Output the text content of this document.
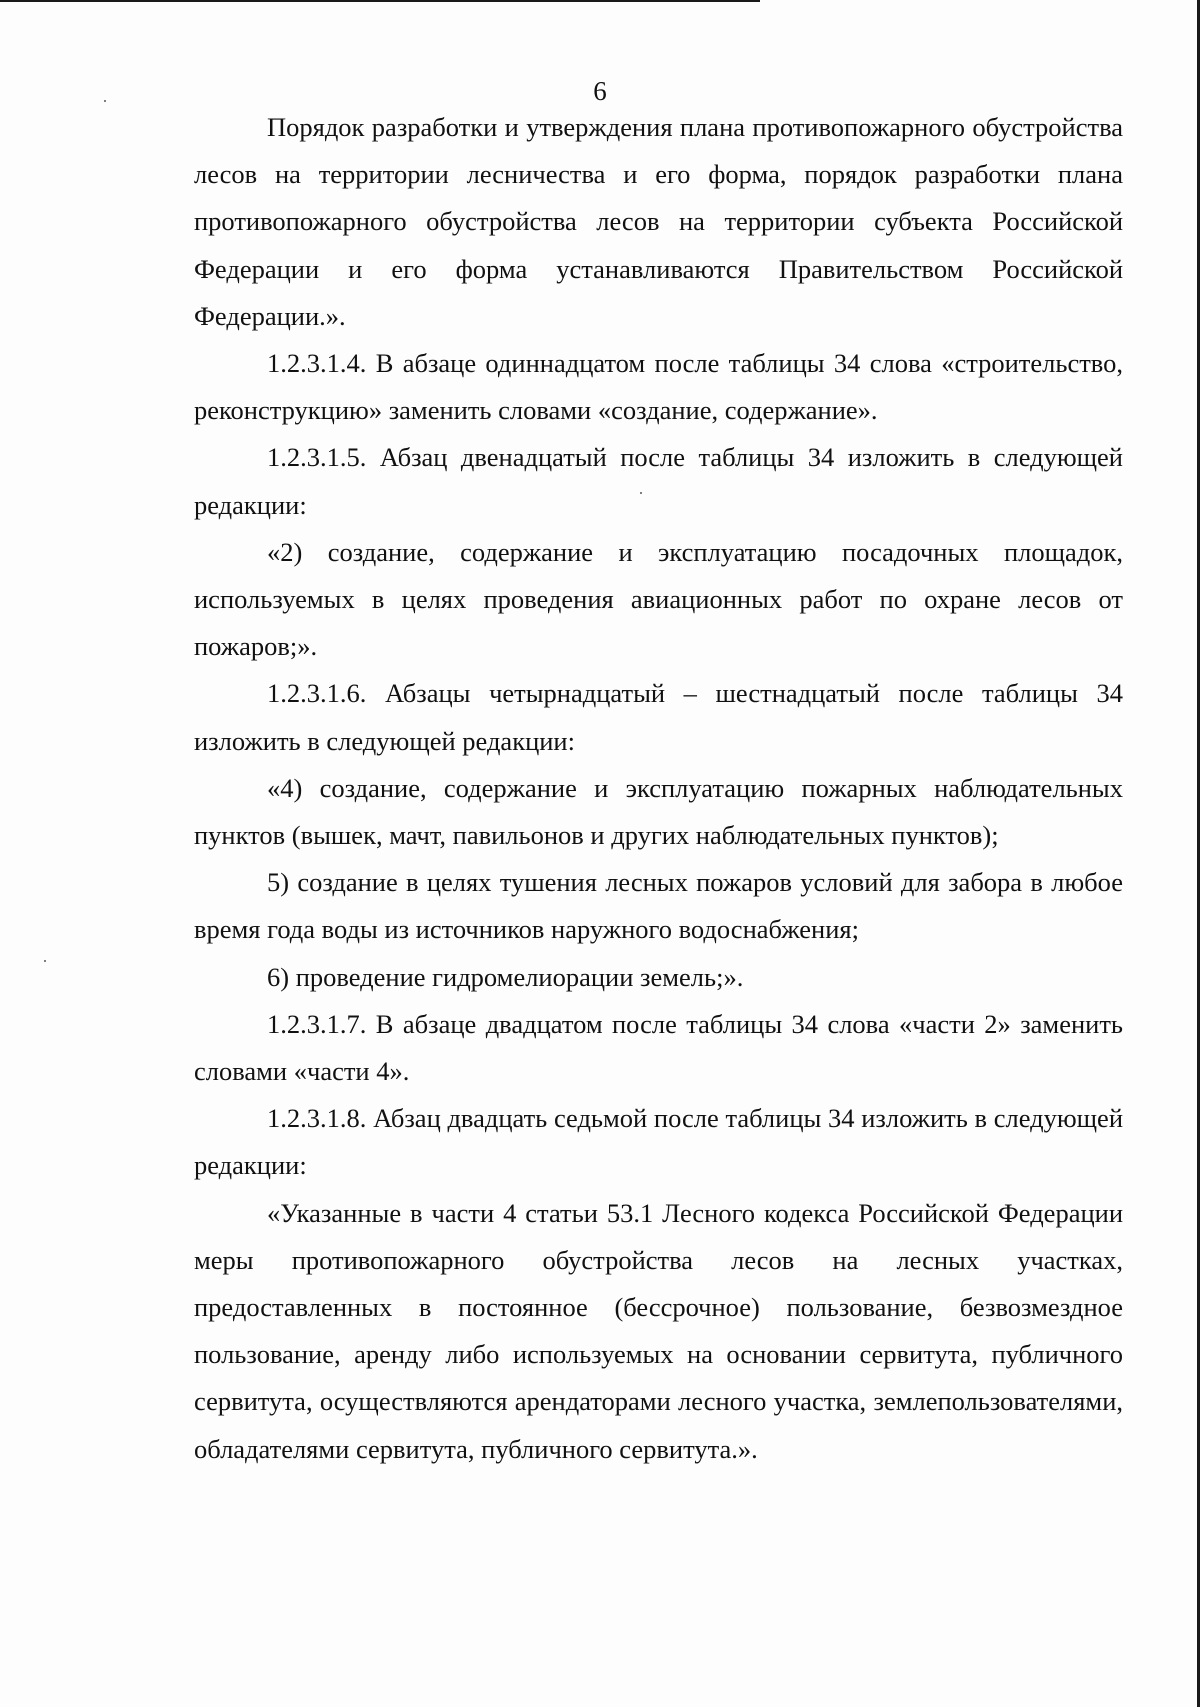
6

Порядок разработки и утверждения плана противопожарного обустройства лесов на территории лесничества и его форма, порядок разработки плана противопожарного обустройства лесов на территории субъекта Российской Федерации и его форма устанавливаются Правительством Российской Федерации.».

1.2.3.1.4. В абзаце одиннадцатом после таблицы 34 слова «строительство, реконструкцию» заменить словами «создание, содержание».

1.2.3.1.5. Абзац двенадцатый после таблицы 34 изложить в следующей редакции:

«2) создание, содержание и эксплуатацию посадочных площадок, используемых в целях проведения авиационных работ по охране лесов от пожаров;».

1.2.3.1.6. Абзацы четырнадцатый – шестнадцатый после таблицы 34 изложить в следующей редакции:

«4) создание, содержание и эксплуатацию пожарных наблюдательных пунктов (вышек, мачт, павильонов и других наблюдательных пунктов);

5) создание в целях тушения лесных пожаров условий для забора в любое время года воды из источников наружного водоснабжения;

6) проведение гидромелиорации земель;».

1.2.3.1.7. В абзаце двадцатом после таблицы 34 слова «части 2» заменить словами «части 4».

1.2.3.1.8. Абзац двадцать седьмой после таблицы 34 изложить в следующей редакции:

«Указанные в части 4 статьи 53.1 Лесного кодекса Российской Федерации меры противопожарного обустройства лесов на лесных участках, предоставленных в постоянное (бессрочное) пользование, безвозмездное пользование, аренду либо используемых на основании сервитута, публичного сервитута, осуществляются арендаторами лесного участка, землепользователями, обладателями сервитута, публичного сервитута.».
